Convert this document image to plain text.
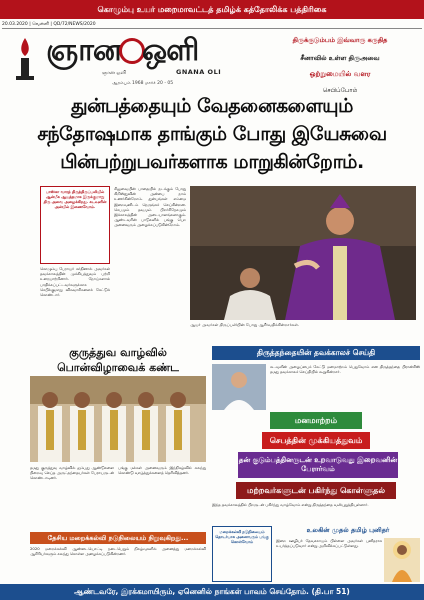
கொழும்பு உயர் மறைமாவட்டத் தமிழ்க் கத்தோலிக்க பத்திரிகை
20.03.2020 | வெள்ளி | QD/72/NEWS/2020
ஞான ஒளி
ஞான ஒளி	GNANA OLI
ஆரம்பம் 1968 மார்ச் 20 - 05
திருக்குடும்பம் இவ்வாரு கருதித
சீனாவில் உள்ள திருஅவை
ஒற்றுமையில் வளர
செபிப்போம்
துன்பத்தையும் வேதனைகளையும்
சந்தோஷமாக தாங்கும் போது இயேசுவை
பின்பற்றுபவர்களாக மாறுகின்றோம்.
பாஸ்கா வாரத் திருத்திருப்பலியில் ஆன்மீக ஆயத்தமாக இருக்குமாறு திரு அவை அழைக்கிறது. கடவுளின் அன்பில் இணைவோம்.
கொழும்பு பேராயர் கர்தினால் அவர்கள் தவக்காலத்தின் முக்கியத்துவம் பற்றி உரையாற்றினார். நோய்களால் பாதிக்கப்பட்டவர்களுக்காக செபிக்குமாறு விசுவாசிகளைக் கேட்டுக் கொண்டார்.
சிலுவையின் பாதையில் நடக்கும் போது கிறிஸ்துவின் அன்பை நாம் உணர்கின்றோம். துன்பங்கள் எம்மை இறைவனிடம் நெருங்கச் செய்கின்றன. செபமும் தவமும் பிறர்சிநேகமும் இக்காலத்தின் அடையாளங்களாகும். ஆண்டவரின் பாடுகளில் பங்கு பெற அனைவரும் அழைக்கப்படுகின்றோம்.
ஆயர் அவர்கள் திருப்பலியின் போது ஆசீர்வதிக்கின்றார்கள்.
குருத்துவ வாழ்வில் பொன்விழாவைக் கண்ட
தமது குருத்துவ வாழ்வில் ஐம்பது ஆண்டுகளை நிறைவு செய்த அருட்தந்தையர்கள் பேராயருடன் கொண்டாடினர்.
பங்கு மக்கள் அனைவரும் இந்நிகழ்வில் கலந்து கொண்டு வாழ்த்துக்களைத் தெரிவித்தனர்.
திருத்தந்தையின் தவக்காலச் செய்தி
கடவுளின் அழைப்பைக் கேட்டு மனமாற்றம் பெறுவோம் என திருத்தந்தை பிரான்சிஸ் தமது தவக்காலச் செய்தியில் கூறுகின்றார்.
மனமாற்றம்
செபத்தின் முக்கியத்துவம்
தன் குடும்பத்தினருடன் உறவாடுவது இறைவனின் பேரார்வம்
மற்றவர்களுடன் பகிர்ந்து கொள்ளுதல்
இந்த தவக்காலத்தில் பிறருடன் பகிர்ந்து வாழ்வோம் என்று திருத்தந்தை வலியுறுத்தியுள்ளார்.
தேசிய மறைக்கல்வி நடுநிலையம் நிறுவுகிறது...
2020 மறைக்கல்வி ஆண்டையொட்டி நடைபெறும் நிகழ்வுகளில் அனைத்து மறைக்கல்வி ஆசிரியர்களும் கலந்து கொள்ள அழைக்கப்படுகின்றனர்.
மறைக்கல்வி நடுநிலையம் தொடர்பாக அனைவரும் பங்கு கொள்வோம்
உலகின் முதல் தமிழ் புனிதர்
இறை ஊழியர் தேவசகாயம் பிள்ளை அவர்கள் புனிதராக உயர்த்தப்படுவார் என்று அறிவிக்கப்பட்டுள்ளது.
ஆண்டவரே, இரக்கமாயிரும், ஏனெனில் நாங்கள் பாவம் செய்தோம். (தி.பா 51)
